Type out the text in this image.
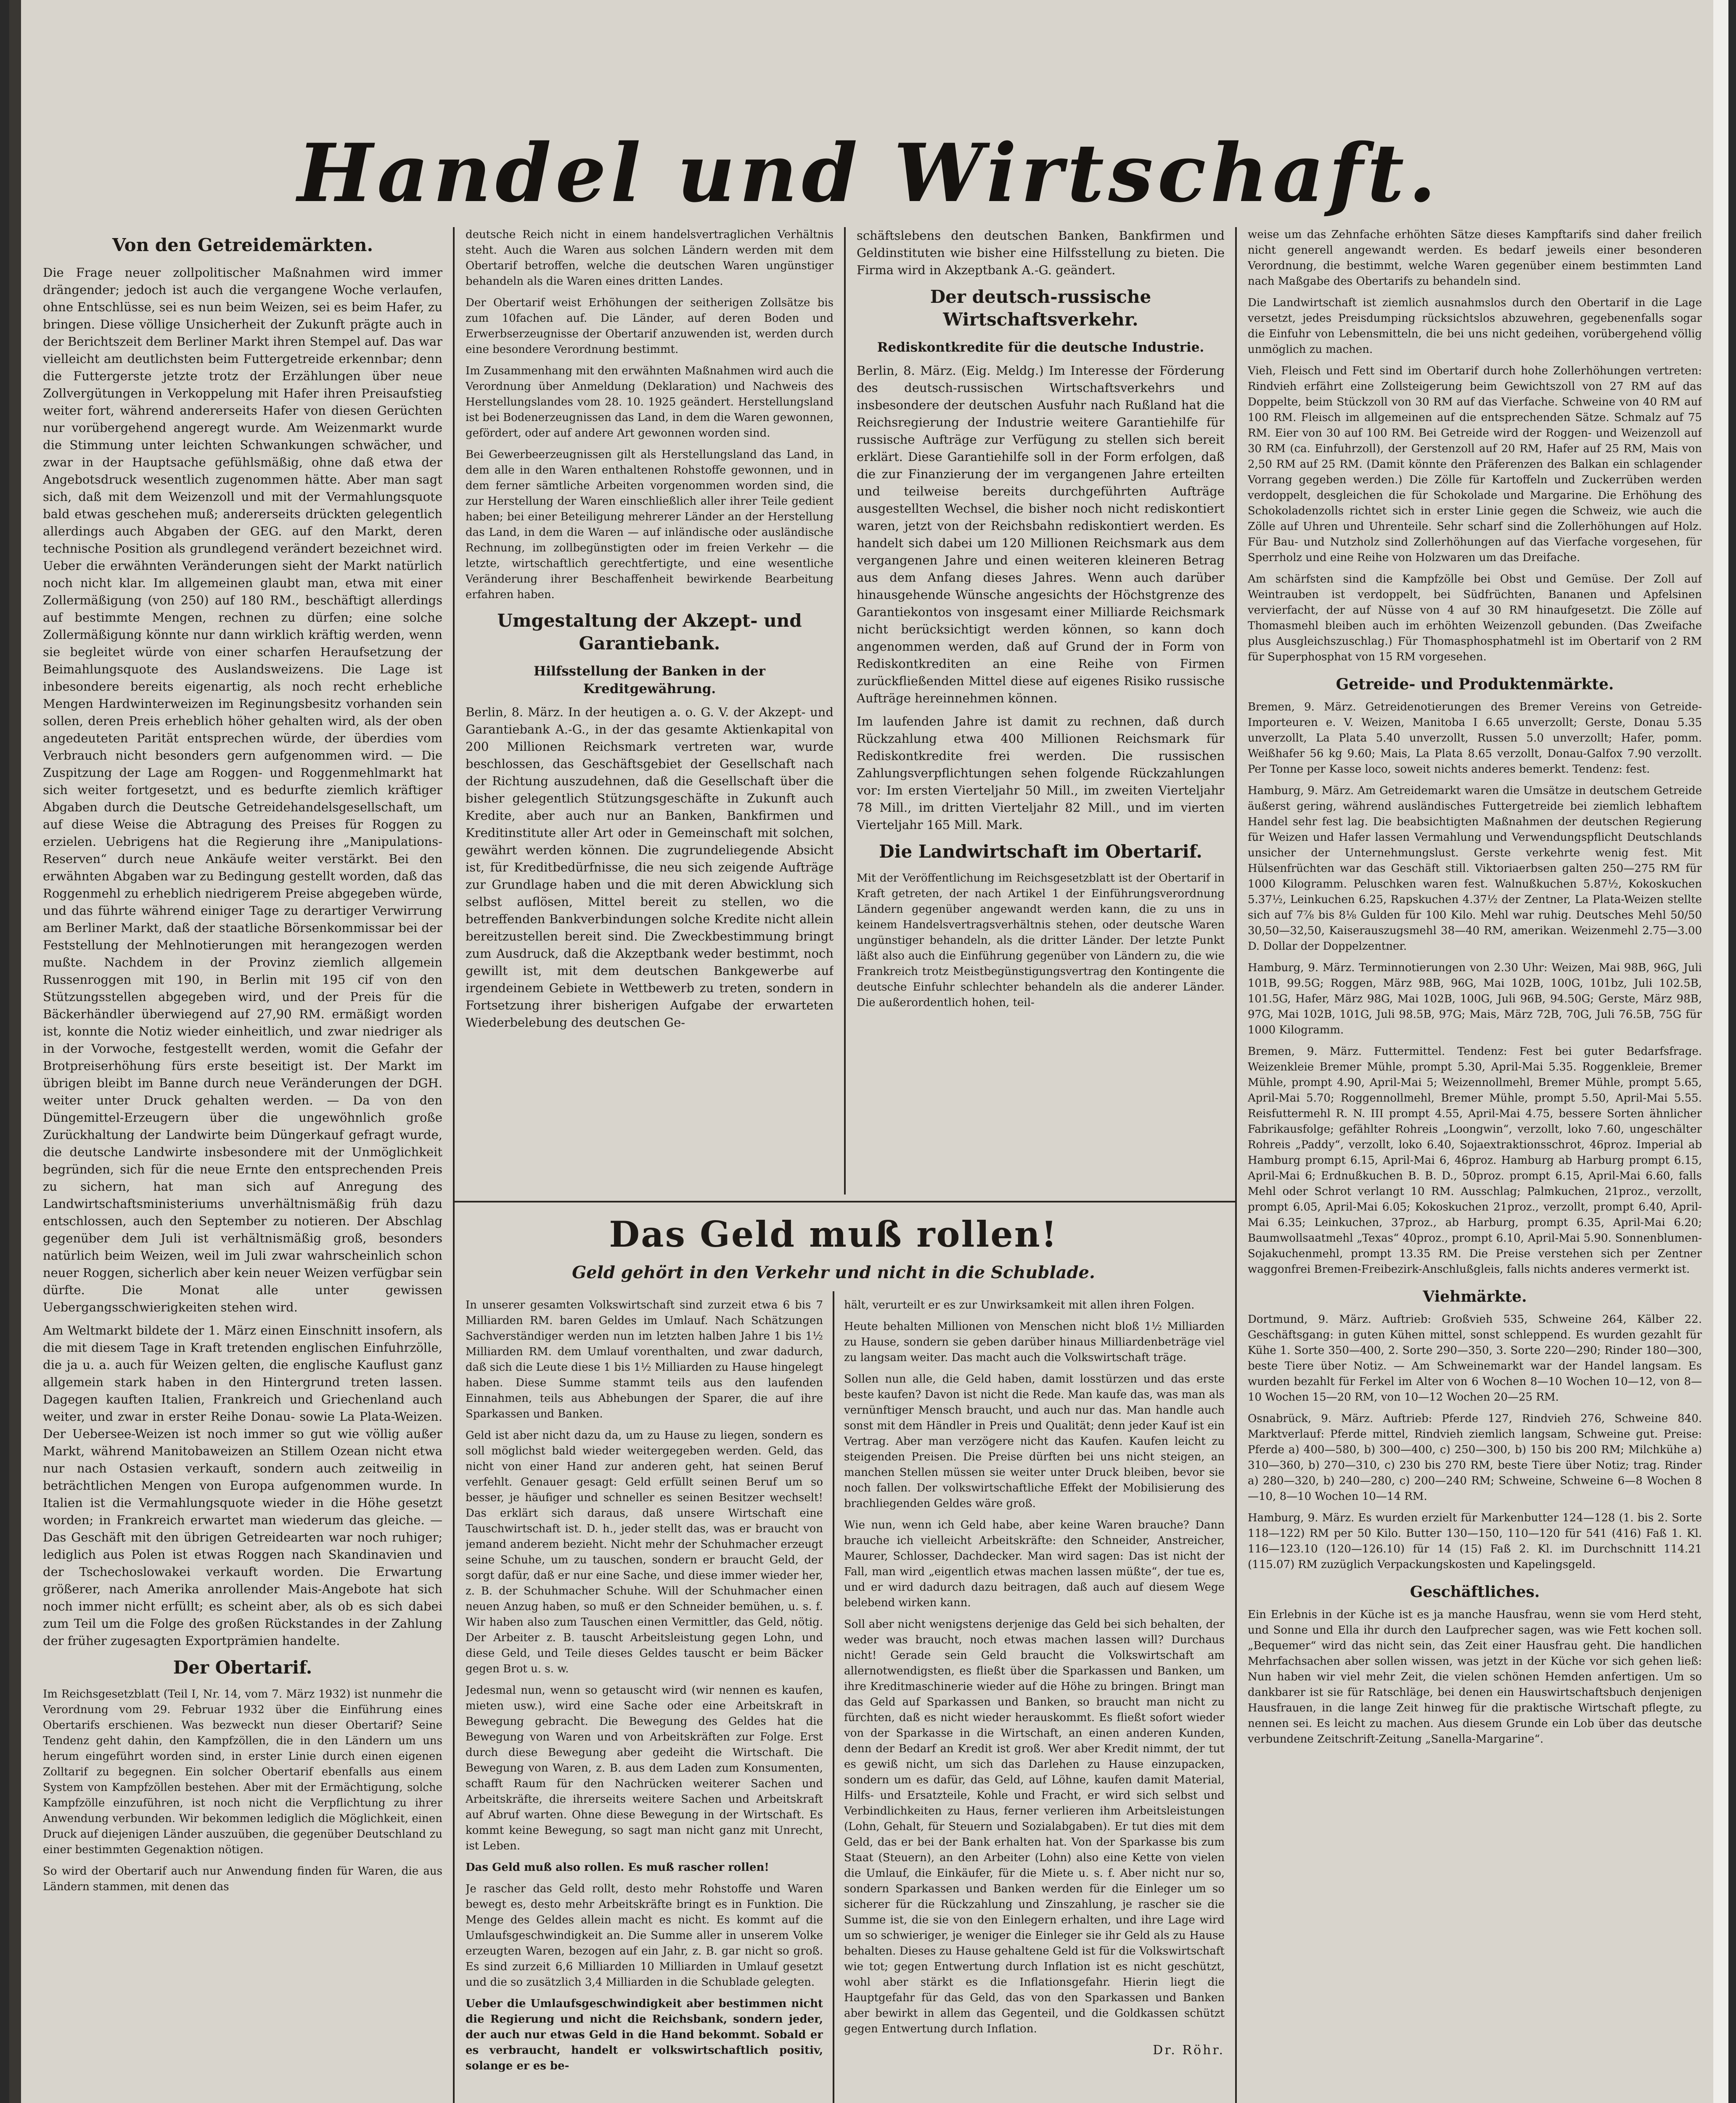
Handel und Wirtschaft.
Von den Getreidemärkten.

Die Frage neuer zollpolitischer Maßnahmen wird immer drängender; jedoch ist auch die vergangene Woche verlaufen, ohne Entschlüsse, sei es nun beim Weizen, sei es beim Hafer, zu bringen. Diese völlige Unsicherheit der Zukunft prägte auch in der Berichtszeit dem Berliner Markt ihren Stempel auf. Das war vielleicht am deutlichsten beim Futtergetreide erkennbar; denn die Futtergerste jetzte trotz der Erzählungen über neue Zollvergütungen in Verkoppelung mit Hafer ihren Preisaufstieg weiter fort, während andererseits Hafer von diesen Gerüchten nur vorübergehend angeregt wurde. Am Weizenmarkt wurde die Stimmung unter leichten Schwankungen schwächer, und zwar in der Hauptsache gefühlsmäßig, ohne daß etwa der Angebotsdruck wesentlich zugenommen hätte. Aber man sagt sich, daß mit dem Weizenzoll und mit der Vermahlungsquote bald etwas geschehen muß; andererseits drückten gelegentlich allerdings auch Abgaben der GEG. auf den Markt, deren technische Position als grundlegend verändert bezeichnet wird. Ueber die erwähnten Veränderungen sieht der Markt natürlich noch nicht klar. Im allgemeinen glaubt man, etwa mit einer Zollermäßigung (von 250) auf 180 RM., beschäftigt allerdings auf bestimmte Mengen, rechnen zu dürfen; eine solche Zollermäßigung könnte nur dann wirklich kräftig werden, wenn sie begleitet würde von einer scharfen Heraufsetzung der Beimahlungsquote des Auslandsweizens. Die Lage ist inbesondere bereits eigenartig, als noch recht erhebliche Mengen Hardwinterweizen im Reginungsbesitz vorhanden sein sollen, deren Preis erheblich höher gehalten wird, als der oben angedeuteten Parität entsprechen würde, der überdies vom Verbrauch nicht besonders gern aufgenommen wird. — Die Zuspitzung der Lage am Roggen- und Roggenmehlmarkt hat sich weiter fortgesetzt, und es bedurfte ziemlich kräftiger Abgaben durch die Deutsche Getreidehandelsgesellschaft, um auf diese Weise die Abtragung des Preises für Roggen zu erzielen. Uebrigens hat die Regierung ihre „Manipulations-Reserven“ durch neue Ankäufe weiter verstärkt. Bei den erwähnten Abgaben war zu Bedingung gestellt worden, daß das Roggenmehl zu erheblich niedrigerem Preise abgegeben würde, und das führte während einiger Tage zu derartiger Verwirrung am Berliner Markt, daß der staatliche Börsenkommissar bei der Feststellung der Mehlnotierungen mit herangezogen werden mußte. Nachdem in der Provinz ziemlich allgemein Russenroggen mit 190, in Berlin mit 195 cif von den Stützungsstellen abgegeben wird, und der Preis für die Bäckerhändler überwiegend auf 27,90 RM. ermäßigt worden ist, konnte die Notiz wieder einheitlich, und zwar niedriger als in der Vorwoche, festgestellt werden, womit die Gefahr der Brotpreiserhöhung fürs erste beseitigt ist. Der Markt im übrigen bleibt im Banne durch neue Veränderungen der DGH. weiter unter Druck gehalten werden. — Da von den Düngemittel-Erzeugern über die ungewöhnlich große Zurückhaltung der Landwirte beim Düngerkauf gefragt wurde, die deutsche Landwirte insbesondere mit der Unmöglichkeit begründen, sich für die neue Ernte den entsprechenden Preis zu sichern, hat man sich auf Anregung des Landwirtschaftsministeriums unverhältnismäßig früh dazu entschlossen, auch den September zu notieren. Der Abschlag gegenüber dem Juli ist verhältnismäßig groß, besonders natürlich beim Weizen, weil im Juli zwar wahrscheinlich schon neuer Roggen, sicherlich aber kein neuer Weizen verfügbar sein dürfte. Die Monat alle unter gewissen Uebergangsschwierigkeiten stehen wird.

Am Weltmarkt bildete der 1. März einen Einschnitt insofern, als die mit diesem Tage in Kraft tretenden englischen Einfuhrzölle, die ja u. a. auch für Weizen gelten, die englische Kauflust ganz allgemein stark haben in den Hintergrund treten lassen. Dagegen kauften Italien, Frankreich und Griechenland auch weiter, und zwar in erster Reihe Donau- sowie La Plata-Weizen. Der Uebersee-Weizen ist noch immer so gut wie völlig außer Markt, während Manitobaweizen an Stillem Ozean nicht etwa nur nach Ostasien verkauft, sondern auch zeitweilig in beträchtlichen Mengen von Europa aufgenommen wurde. In Italien ist die Vermahlungsquote wieder in die Höhe gesetzt worden; in Frankreich erwartet man wiederum das gleiche. — Das Geschäft mit den übrigen Getreidearten war noch ruhiger; lediglich aus Polen ist etwas Roggen nach Skandinavien und der Tschechoslowakei verkauft worden. Die Erwartung größerer, nach Amerika anrollender Mais-Angebote hat sich noch immer nicht erfüllt; es scheint aber, als ob es sich dabei zum Teil um die Folge des großen Rückstandes in der Zahlung der früher zugesagten Exportprämien handelte.

Der Obertarif.

Im Reichsgesetzblatt (Teil I, Nr. 14, vom 7. März 1932) ist nunmehr die Verordnung vom 29. Februar 1932 über die Einführung eines Obertarifs erschienen. Was bezweckt nun dieser Obertarif? Seine Tendenz geht dahin, den Kampfzöllen, die in den Ländern um uns herum eingeführt worden sind, in erster Linie durch einen eigenen Zolltarif zu begegnen. Ein solcher Obertarif ebenfalls aus einem System von Kampfzöllen bestehen. Aber mit der Ermächtigung, solche Kampfzölle einzuführen, ist noch nicht die Verpflichtung zu ihrer Anwendung verbunden. Wir bekommen lediglich die Möglichkeit, einen Druck auf diejenigen Länder auszuüben, die gegenüber Deutschland zu einer bestimmten Gegenaktion nötigen.

So wird der Obertarif auch nur Anwendung finden für Waren, die aus Ländern stammen, mit denen das

deutsche Reich nicht in einem handelsvertraglichen Verhältnis steht. Auch die Waren aus solchen Ländern werden mit dem Obertarif betroffen, welche die deutschen Waren ungünstiger behandeln als die Waren eines dritten Landes.

Der Obertarif weist Erhöhungen der seitherigen Zollsätze bis zum 10fachen auf. Die Länder, auf deren Boden und Erwerbserzeugnisse der Obertarif anzuwenden ist, werden durch eine besondere Verordnung bestimmt.

Im Zusammenhang mit den erwähnten Maßnahmen wird auch die Verordnung über Anmeldung (Deklaration) und Nachweis des Herstellungslandes vom 28. 10. 1925 geändert. Herstellungsland ist bei Bodenerzeugnissen das Land, in dem die Waren gewonnen, gefördert, oder auf andere Art gewonnen worden sind.

Bei Gewerbeerzeugnissen gilt als Herstellungsland das Land, in dem alle in den Waren enthaltenen Rohstoffe gewonnen, und in dem ferner sämtliche Arbeiten vorgenommen worden sind, die zur Herstellung der Waren einschließlich aller ihrer Teile gedient haben; bei einer Beteiligung mehrerer Länder an der Herstellung das Land, in dem die Waren — auf inländische oder ausländische Rechnung, im zollbegünstigten oder im freien Verkehr — die letzte, wirtschaftlich gerechtfertigte, und eine wesentliche Veränderung ihrer Beschaffenheit bewirkende Bearbeitung erfahren haben.

Umgestaltung der Akzept- und Garantiebank.
Hilfsstellung der Banken in der Kreditgewährung.

Berlin, 8. März. In der heutigen a. o. G. V. der Akzept- und Garantiebank A.-G., in der das gesamte Aktienkapital von 200 Millionen Reichsmark vertreten war, wurde beschlossen, das Geschäftsgebiet der Gesellschaft nach der Richtung auszudehnen, daß die Gesellschaft über die bisher gelegentlich Stützungsgeschäfte in Zukunft auch Kredite, aber auch nur an Banken, Bankfirmen und Kreditinstitute aller Art oder in Gemeinschaft mit solchen, gewährt werden können. Die zugrundeliegende Absicht ist, für Kreditbedürfnisse, die neu sich zeigende Aufträge zur Grundlage haben und die mit deren Abwicklung sich selbst auflösen, Mittel bereit zu stellen, wo die betreffenden Bankverbindungen solche Kredite nicht allein bereitzustellen bereit sind. Die Zweckbestimmung bringt zum Ausdruck, daß die Akzeptbank weder bestimmt, noch gewillt ist, mit dem deutschen Bankgewerbe auf irgendeinem Gebiete in Wettbewerb zu treten, sondern in Fortsetzung ihrer bisherigen Aufgabe der erwarteten Wiederbelebung des deutschen Ge-

schäftslebens den deutschen Banken, Bankfirmen und Geldinstituten wie bisher eine Hilfsstellung zu bieten. Die Firma wird in Akzeptbank A.-G. geändert.

Der deutsch-russische Wirtschaftsverkehr.
Rediskontkredite für die deutsche Industrie.

Berlin, 8. März. (Eig. Meldg.) Im Interesse der Förderung des deutsch-russischen Wirtschaftsverkehrs und insbesondere der deutschen Ausfuhr nach Rußland hat die Reichsregierung der Industrie weitere Garantiehilfe für russische Aufträge zur Verfügung zu stellen sich bereit erklärt. Diese Garantiehilfe soll in der Form erfolgen, daß die zur Finanzierung der im vergangenen Jahre erteilten und teilweise bereits durchgeführten Aufträge ausgestellten Wechsel, die bisher noch nicht rediskontiert waren, jetzt von der Reichsbahn rediskontiert werden. Es handelt sich dabei um 120 Millionen Reichsmark aus dem vergangenen Jahre und einen weiteren kleineren Betrag aus dem Anfang dieses Jahres. Wenn auch darüber hinausgehende Wünsche angesichts der Höchstgrenze des Garantiekontos von insgesamt einer Milliarde Reichsmark nicht berücksichtigt werden können, so kann doch angenommen werden, daß auf Grund der in Form von Rediskontkrediten an eine Reihe von Firmen zurückfließenden Mittel diese auf eigenes Risiko russische Aufträge hereinnehmen können.

Im laufenden Jahre ist damit zu rechnen, daß durch Rückzahlung etwa 400 Millionen Reichsmark für Rediskontkredite frei werden. Die russischen Zahlungsverpflichtungen sehen folgende Rückzahlungen vor: Im ersten Vierteljahr 50 Mill., im zweiten Vierteljahr 78 Mill., im dritten Vierteljahr 82 Mill., und im vierten Vierteljahr 165 Mill. Mark.

Die Landwirtschaft im Obertarif.

Mit der Veröffentlichung im Reichsgesetzblatt ist der Obertarif in Kraft getreten, der nach Artikel 1 der Einführungsverordnung Ländern gegenüber angewandt werden kann, die zu uns in keinem Handelsvertragsverhältnis stehen, oder deutsche Waren ungünstiger behandeln, als die dritter Länder. Der letzte Punkt läßt also auch die Einführung gegenüber von Ländern zu, die wie Frankreich trotz Meistbegünstigungsvertrag den Kontingente die deutsche Einfuhr schlechter behandeln als die anderer Länder. Die außerordentlich hohen, teil-

Das Geld muß rollen!
Geld gehört in den Verkehr und nicht in die Schublade.

In unserer gesamten Volkswirtschaft sind zurzeit etwa 6 bis 7 Milliarden RM. baren Geldes im Umlauf. Nach Schätzungen Sachverständiger werden nun im letzten halben Jahre 1 bis 1½ Milliarden RM. dem Umlauf vorenthalten, und zwar dadurch, daß sich die Leute diese 1 bis 1½ Milliarden zu Hause hingelegt haben. Diese Summe stammt teils aus den laufenden Einnahmen, teils aus Abhebungen der Sparer, die auf ihre Sparkassen und Banken.

Geld ist aber nicht dazu da, um zu Hause zu liegen, sondern es soll möglichst bald wieder weitergegeben werden. Geld, das nicht von einer Hand zur anderen geht, hat seinen Beruf verfehlt. Genauer gesagt: Geld erfüllt seinen Beruf um so besser, je häufiger und schneller es seinen Besitzer wechselt! Das erklärt sich daraus, daß unsere Wirtschaft eine Tauschwirtschaft ist. D. h., jeder stellt das, was er braucht von jemand anderem bezieht. Nicht mehr der Schuhmacher erzeugt seine Schuhe, um zu tauschen, sondern er braucht Geld, der sorgt dafür, daß er nur eine Sache, und diese immer wieder her, z. B. der Schuhmacher Schuhe. Will der Schuhmacher einen neuen Anzug haben, so muß er den Schneider bemühen, u. s. f. Wir haben also zum Tauschen einen Vermittler, das Geld, nötig. Der Arbeiter z. B. tauscht Arbeitsleistung gegen Lohn, und diese Geld, und Teile dieses Geldes tauscht er beim Bäcker gegen Brot u. s. w.

Jedesmal nun, wenn so getauscht wird (wir nennen es kaufen, mieten usw.), wird eine Sache oder eine Arbeitskraft in Bewegung gebracht. Die Bewegung des Geldes hat die Bewegung von Waren und von Arbeitskräften zur Folge. Erst durch diese Bewegung aber gedeiht die Wirtschaft. Die Bewegung von Waren, z. B. aus dem Laden zum Konsumenten, schafft Raum für den Nachrücken weiterer Sachen und Arbeitskräfte, die ihrerseits weitere Sachen und Arbeitskraft auf Abruf warten. Ohne diese Bewegung in der Wirtschaft. Es kommt keine Bewegung, so sagt man nicht ganz mit Unrecht, ist Leben.

Das Geld muß also rollen. Es muß rascher rollen!

Je rascher das Geld rollt, desto mehr Rohstoffe und Waren bewegt es, desto mehr Arbeitskräfte bringt es in Funktion. Die Menge des Geldes allein macht es nicht. Es kommt auf die Umlaufsgeschwindigkeit an. Die Summe aller in unserem Volke erzeugten Waren, bezogen auf ein Jahr, z. B. gar nicht so groß. Es sind zurzeit 6,6 Milliarden 10 Milliarden in Umlauf gesetzt und die so zusätzlich 3,4 Milliarden in die Schublade gelegten.

Ueber die Umlaufsgeschwindigkeit aber bestimmen nicht die Regierung und nicht die Reichsbank, sondern jeder, der auch nur etwas Geld in die Hand bekommt. Sobald er es verbraucht, handelt er volkswirtschaftlich positiv, solange er es be-

hält, verurteilt er es zur Unwirksamkeit mit allen ihren Folgen.

Heute behalten Millionen von Menschen nicht bloß 1½ Milliarden zu Hause, sondern sie geben darüber hinaus Milliardenbeträge viel zu langsam weiter. Das macht auch die Volkswirtschaft träge.

Sollen nun alle, die Geld haben, damit losstürzen und das erste beste kaufen? Davon ist nicht die Rede. Man kaufe das, was man als vernünftiger Mensch braucht, und auch nur das. Man handle auch sonst mit dem Händler in Preis und Qualität; denn jeder Kauf ist ein Vertrag. Aber man verzögere nicht das Kaufen. Kaufen leicht zu steigenden Preisen. Die Preise dürften bei uns nicht steigen, an manchen Stellen müssen sie weiter unter Druck bleiben, bevor sie noch fallen. Der volkswirtschaftliche Effekt der Mobilisierung des brachliegenden Geldes wäre groß.

Wie nun, wenn ich Geld habe, aber keine Waren brauche? Dann brauche ich vielleicht Arbeitskräfte: den Schneider, Anstreicher, Maurer, Schlosser, Dachdecker. Man wird sagen: Das ist nicht der Fall, man wird „eigentlich etwas machen lassen müßte“, der tue es, und er wird dadurch dazu beitragen, daß auch auf diesem Wege belebend wirken kann.

Soll aber nicht wenigstens derjenige das Geld bei sich behalten, der weder was braucht, noch etwas machen lassen will? Durchaus nicht! Gerade sein Geld braucht die Volkswirtschaft am allernotwendigsten, es fließt über die Sparkassen und Banken, um ihre Kreditmaschinerie wieder auf die Höhe zu bringen. Bringt man das Geld auf Sparkassen und Banken, so braucht man nicht zu fürchten, daß es nicht wieder herauskommt. Es fließt sofort wieder von der Sparkasse in die Wirtschaft, an einen anderen Kunden, denn der Bedarf an Kredit ist groß. Wer aber Kredit nimmt, der tut es gewiß nicht, um sich das Darlehen zu Hause einzupacken, sondern um es dafür, das Geld, auf Löhne, kaufen damit Material, Hilfs- und Ersatzteile, Kohle und Fracht, er wird sich selbst und Verbindlichkeiten zu Haus, ferner verlieren ihm Arbeitsleistungen (Lohn, Gehalt, für Steuern und Sozialabgaben). Er tut dies mit dem Geld, das er bei der Bank erhalten hat. Von der Sparkasse bis zum Staat (Steuern), an den Arbeiter (Lohn) also eine Kette von vielen die Umlauf, die Einkäufer, für die Miete u. s. f. Aber nicht nur so, sondern Sparkassen und Banken werden für die Einleger um so sicherer für die Rückzahlung und Zinszahlung, je rascher sie die Summe ist, die sie von den Einlegern erhalten, und ihre Lage wird um so schwieriger, je weniger die Einleger sie ihr Geld als zu Hause behalten. Dieses zu Hause gehaltene Geld ist für die Volkswirtschaft wie tot; gegen Entwertung durch Inflation ist es nicht geschützt, wohl aber stärkt es die Inflationsgefahr. Hierin liegt die Hauptgefahr für das Geld, das von den Sparkassen und Banken aber bewirkt in allem das Gegenteil, und die Goldkassen schützt gegen Entwertung durch Inflation.

Dr. Röhr.

weise um das Zehnfache erhöhten Sätze dieses Kampftarifs sind daher freilich nicht generell angewandt werden. Es bedarf jeweils einer besonderen Verordnung, die bestimmt, welche Waren gegenüber einem bestimmten Land nach Maßgabe des Obertarifs zu behandeln sind.

Die Landwirtschaft ist ziemlich ausnahmslos durch den Obertarif in die Lage versetzt, jedes Preisdumping rücksichtslos abzuwehren, gegebenenfalls sogar die Einfuhr von Lebensmitteln, die bei uns nicht gedeihen, vorübergehend völlig unmöglich zu machen.

Vieh, Fleisch und Fett sind im Obertarif durch hohe Zollerhöhungen vertreten: Rindvieh erfährt eine Zollsteigerung beim Gewichtszoll von 27 RM auf das Doppelte, beim Stückzoll von 30 RM auf das Vierfache. Schweine von 40 RM auf 100 RM. Fleisch im allgemeinen auf die entsprechenden Sätze. Schmalz auf 75 RM. Eier von 30 auf 100 RM. Bei Getreide wird der Roggen- und Weizenzoll auf 30 RM (ca. Einfuhrzoll), der Gerstenzoll auf 20 RM, Hafer auf 25 RM, Mais von 2,50 RM auf 25 RM. (Damit könnte den Präferenzen des Balkan ein schlagender Vorrang gegeben werden.) Die Zölle für Kartoffeln und Zuckerrüben werden verdoppelt, desgleichen die für Schokolade und Margarine. Die Erhöhung des Schokoladenzolls richtet sich in erster Linie gegen die Schweiz, wie auch die Zölle auf Uhren und Uhrenteile. Sehr scharf sind die Zollerhöhungen auf Holz. Für Bau- und Nutzholz sind Zollerhöhungen auf das Vierfache vorgesehen, für Sperrholz und eine Reihe von Holzwaren um das Dreifache.

Am schärfsten sind die Kampfzölle bei Obst und Gemüse. Der Zoll auf Weintrauben ist verdoppelt, bei Südfrüchten, Bananen und Apfelsinen vervierfacht, der auf Nüsse von 4 auf 30 RM hinaufgesetzt. Die Zölle auf Thomasmehl bleiben auch im erhöhten Weizenzoll gebunden. (Das Zweifache plus Ausgleichszuschlag.) Für Thomasphosphatmehl ist im Obertarif von 2 RM für Superphosphat von 15 RM vorgesehen.

Getreide- und Produktenmärkte.

Bremen, 9. März. Getreidenotierungen des Bremer Vereins von Getreide-Importeuren e. V. Weizen, Manitoba I 6.65 unverzollt; Gerste, Donau 5.35 unverzollt, La Plata 5.40 unverzollt, Russen 5.0 unverzollt; Hafer, pomm. Weißhafer 56 kg 9.60; Mais, La Plata 8.65 verzollt, Donau-Galfox 7.90 verzollt. Per Tonne per Kasse loco, soweit nichts anderes bemerkt. Tendenz: fest.

Hamburg, 9. März. Am Getreidemarkt waren die Umsätze in deutschem Getreide äußerst gering, während ausländisches Futtergetreide bei ziemlich lebhaftem Handel sehr fest lag. Die beabsichtigten Maßnahmen der deutschen Regierung für Weizen und Hafer lassen Vermahlung und Verwendungspflicht Deutschlands unsicher der Unternehmungslust. Gerste verkehrte wenig fest. Mit Hülsenfrüchten war das Geschäft still. Viktoriaerbsen galten 250—275 RM für 1000 Kilogramm. Peluschken waren fest. Walnußkuchen 5.87½, Kokoskuchen 5.37½, Leinkuchen 6.25, Rapskuchen 4.37½ der Zentner, La Plata-Weizen stellte sich auf 7⅞ bis 8⅛ Gulden für 100 Kilo. Mehl war ruhig. Deutsches Mehl 50/50 30,50—32,50, Kaiserauszugsmehl 38—40 RM, amerikan. Weizenmehl 2.75—3.00 D. Dollar der Doppelzentner.

Hamburg, 9. März. Terminnotierungen von 2.30 Uhr: Weizen, Mai 98B, 96G, Juli 101B, 99.5G; Roggen, März 98B, 96G, Mai 102B, 100G, 101bz, Juli 102.5B, 101.5G, Hafer, März 98G, Mai 102B, 100G, Juli 96B, 94.50G; Gerste, März 98B, 97G, Mai 102B, 101G, Juli 98.5B, 97G; Mais, März 72B, 70G, Juli 76.5B, 75G für 1000 Kilogramm.

Bremen, 9. März. Futtermittel. Tendenz: Fest bei guter Bedarfsfrage. Weizenkleie Bremer Mühle, prompt 5.30, April-Mai 5.35. Roggenkleie, Bremer Mühle, prompt 4.90, April-Mai 5; Weizennollmehl, Bremer Mühle, prompt 5.65, April-Mai 5.70; Roggennollmehl, Bremer Mühle, prompt 5.50, April-Mai 5.55. Reisfuttermehl R. N. III prompt 4.55, April-Mai 4.75, bessere Sorten ähnlicher Fabrikausfolge; gefählter Rohreis „Loongwin“, verzollt, loko 7.60, ungeschälter Rohreis „Paddy“, verzollt, loko 6.40, Sojaextraktionsschrot, 46proz. Imperial ab Hamburg prompt 6.15, April-Mai 6, 46proz. Hamburg ab Harburg prompt 6.15, April-Mai 6; Erdnußkuchen B. B. D., 50proz. prompt 6.15, April-Mai 6.60, falls Mehl oder Schrot verlangt 10 RM. Ausschlag; Palmkuchen, 21proz., verzollt, prompt 6.05, April-Mai 6.05; Kokoskuchen 21proz., verzollt, prompt 6.40, April-Mai 6.35; Leinkuchen, 37proz., ab Harburg, prompt 6.35, April-Mai 6.20; Baumwollsaatmehl „Texas“ 40proz., prompt 6.10, April-Mai 5.90. Sonnenblumen-Sojakuchenmehl, prompt 13.35 RM. Die Preise verstehen sich per Zentner waggonfrei Bremen-Freibezirk-Anschlußgleis, falls nichts anderes vermerkt ist.

Viehmärkte.

Dortmund, 9. März. Auftrieb: Großvieh 535, Schweine 264, Kälber 22. Geschäftsgang: in guten Kühen mittel, sonst schleppend. Es wurden gezahlt für Kühe 1. Sorte 350—400, 2. Sorte 290—350, 3. Sorte 220—290; Rinder 180—300, beste Tiere über Notiz. — Am Schweinemarkt war der Handel langsam. Es wurden bezahlt für Ferkel im Alter von 6 Wochen 8—10 Wochen 10—12, von 8—10 Wochen 15—20 RM, von 10—12 Wochen 20—25 RM.

Osnabrück, 9. März. Auftrieb: Pferde 127, Rindvieh 276, Schweine 840. Marktverlauf: Pferde mittel, Rindvieh ziemlich langsam, Schweine gut. Preise: Pferde a) 400—580, b) 300—400, c) 250—300, b) 150 bis 200 RM; Milchkühe a) 310—360, b) 270—310, c) 230 bis 270 RM, beste Tiere über Notiz; trag. Rinder a) 280—320, b) 240—280, c) 200—240 RM; Schweine, Schweine 6—8 Wochen 8—10, 8—10 Wochen 10—14 RM.

Hamburg, 9. März. Es wurden erzielt für Markenbutter 124—128 (1. bis 2. Sorte 118—122) RM per 50 Kilo. Butter 130—150, 110—120 für 541 (416) Faß 1. Kl. 116—123.10 (120—126.10) für 14 (15) Faß 2. Kl. im Durchschnitt 114.21 (115.07) RM zuzüglich Verpackungskosten und Kapelingsgeld.

Geschäftliches.

Ein Erlebnis in der Küche ist es ja manche Hausfrau, wenn sie vom Herd steht, und Sonne und Ella ihr durch den Laufprecher sagen, was wie Fett kochen soll. „Bequemer“ wird das nicht sein, das Zeit einer Hausfrau geht. Die handlichen Mehrfachsachen aber sollen wissen, was jetzt in der Küche vor sich gehen ließ: Nun haben wir viel mehr Zeit, die vielen schönen Hemden anfertigen. Um so dankbarer ist sie für Ratschläge, bei denen ein Hauswirtschaftsbuch denjenigen Hausfrauen, in die lange Zeit hinweg für die praktische Wirtschaft pflegte, zu nennen sei. Es leicht zu machen. Aus diesem Grunde ein Lob über das deutsche verbundene Zeitschrift-Zeitung „Sanella-Margarine“.
